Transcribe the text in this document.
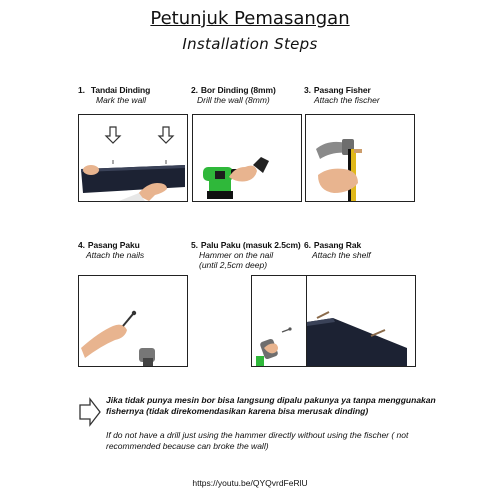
Petunjuk Pemasangan
Installation Steps
1. Tandai Dinding
Mark the wall
2. Bor Dinding (8mm)
Drill the wall (8mm)
3. Pasang Fisher
Attach the fischer
4. Pasang Paku
Attach the nails
5. Palu Paku (masuk 2.5cm)
Hammer on the nail
(until 2,5cm deep)
6. Pasang Rak
Attach the shelf
Jika tidak punya mesin bor bisa langsung dipalu pakunya ya tanpa menggunakan fishernya (tidak direkomendasikan karena bisa merusak dinding)
If do not have a drill just using the hammer directly without using the fischer ( not recommended because can broke the wall)
https://youtu.be/QYQvrdFeRlU
